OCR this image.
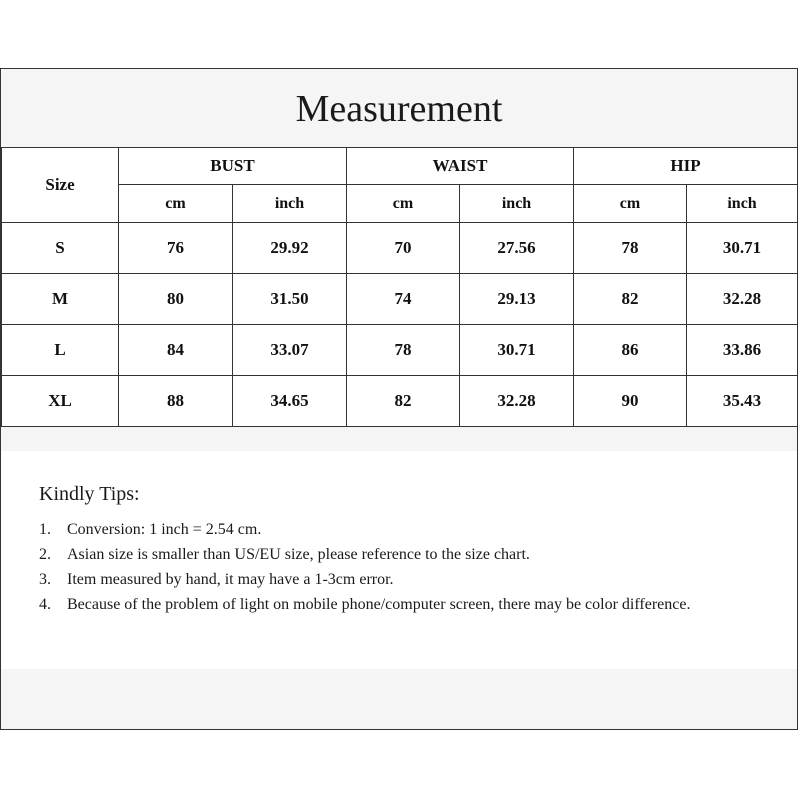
Measurement
Size	BUST		WAIST		HIP	
	cm	inch	cm	inch	cm	inch
S	76	29.92	70	27.56	78	30.71
M	80	31.50	74	29.13	82	32.28
L	84	33.07	78	30.71	86	33.86
XL	88	34.65	82	32.28	90	35.43
Kindly Tips:
1. Conversion: 1 inch = 2.54 cm.
2. Asian size is smaller than US/EU size, please reference to the size chart.
3. Item measured by hand, it may have a 1-3cm error.
4. Because of the problem of light on mobile phone/computer screen, there may be color difference.
